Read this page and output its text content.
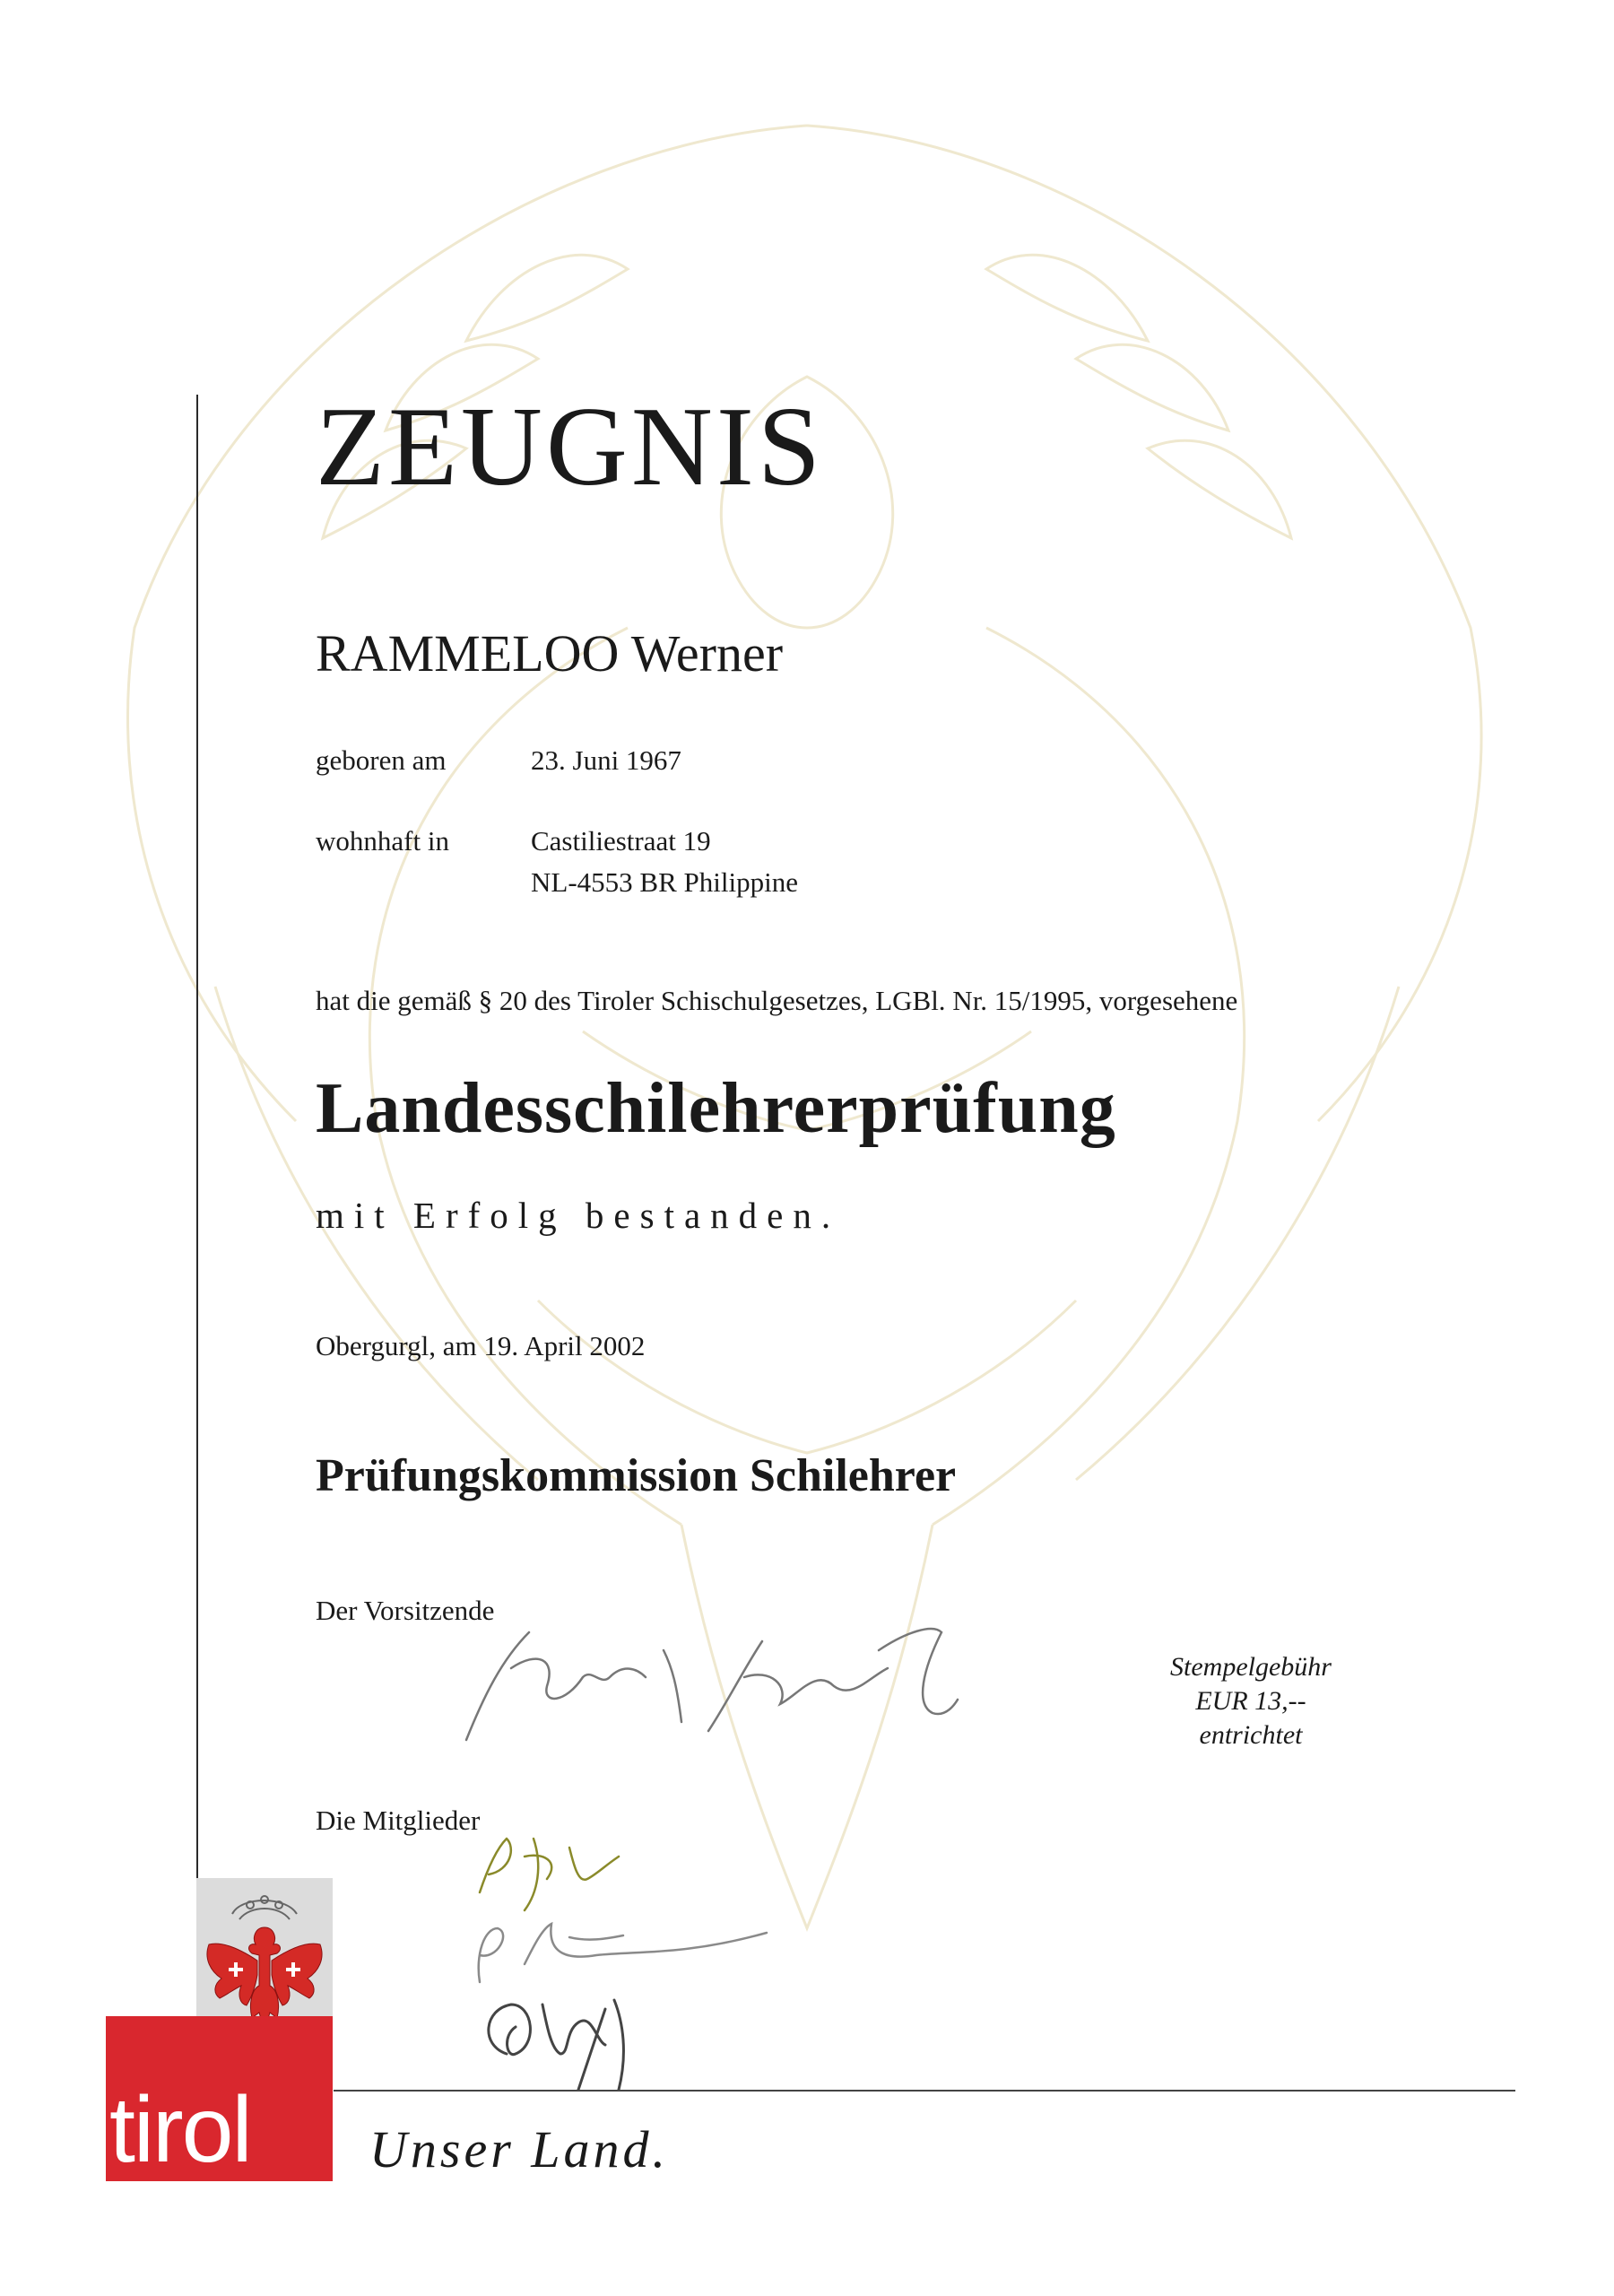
ZEUGNIS
RAMMELOO Werner
geboren am	23. Juni 1967
wohnhaft in	Castiliestraat 19
NL-4553 BR Philippine
hat die gemäß § 20 des Tiroler Schischulgesetzes, LGBl. Nr. 15/1995, vorgesehene
Landesschilehrerprüfung
mit Erfolg bestanden.
Obergurgl, am 19. April 2002
Prüfungskommission Schilehrer
Der Vorsitzende
Stempelgebühr
EUR 13,--
entrichtet
Die Mitglieder
tirol	Unser Land.
